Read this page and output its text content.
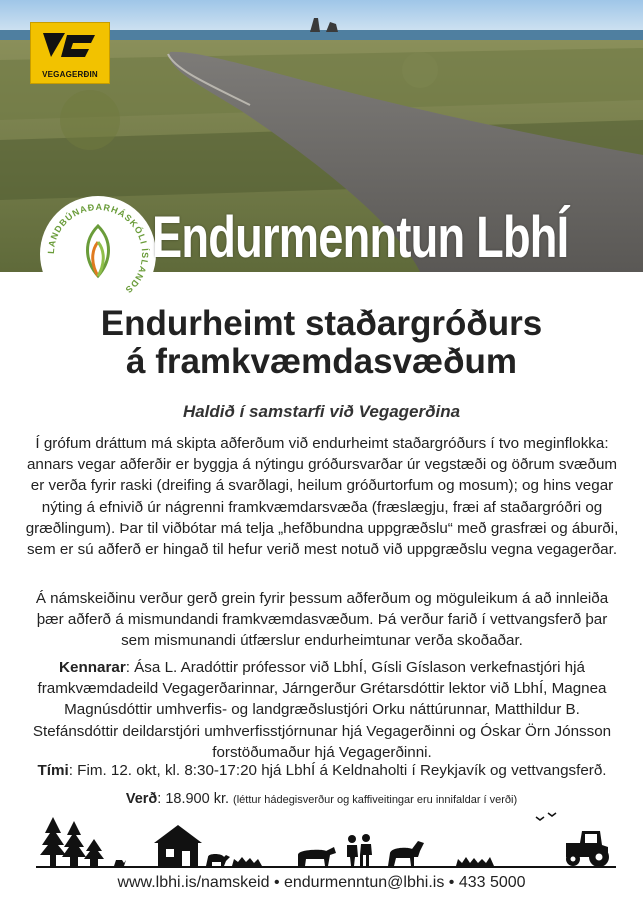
VEGAGERÐIN
LANDBÚNAÐARHÁSKÓLI ÍSLANDS
Endurmenntun LbhÍ
Endurheimt staðargróðurs
á framkvæmdasvæðum
Haldið í samstarfi við Vegagerðina
Í grófum dráttum má skipta aðferðum við endurheimt staðargróðurs í tvo meginflokka: annars vegar aðferðir er byggja á nýtingu gróðursvarðar úr vegstæði og öðrum svæðum er verða fyrir raski (dreifing á svarðlagi, heilum gróðurtorfum og mosum); og hins vegar nýting á efnivið úr nágrenni framkvæmdarsvæða (fræslægju, fræi af staðargróðri og græðlingum). Þar til viðbótar má telja „hefðbundna uppgræðslu“ með grasfræi og áburði, sem er sú aðferð er hingað til hefur verið mest notuð við uppgræðslu vegna vegagerðar.
Á námskeiðinu verður gerð grein fyrir þessum aðferðum og möguleikum á að innleiða þær aðferð á mismundandi framkvæmdasvæðum. Þá verður farið í vettvangsferð þar sem mismunandi útfærslur endurheimtunar verða skoðaðar.
Kennarar: Ása L. Aradóttir prófessor við LbhÍ, Gísli Gíslason verkefnastjóri hjá framkvæmdadeild Vegagerðarinnar, Járngerður Grétarsdóttir lektor við LbhÍ, Magnea Magnúsdóttir umhverfis- og landgræðslustjóri Orku náttúrunnar, Matthildur B. Stefánsdóttir deildarstjóri umhverfisstjórnunar hjá Vegagerðinni og Óskar Örn Jónsson forstöðumaður hjá Vegagerðinni.
Tími: Fim. 12. okt, kl. 8:30-17:20 hjá LbhÍ á Keldnaholti í Reykjavík og vettvangsferð.
Verð: 18.900 kr. (léttur hádegisverður og kaffiveitingar eru innifaldar í verði)
www.lbhi.is/namskeid • endurmenntun@lbhi.is • 433 5000
